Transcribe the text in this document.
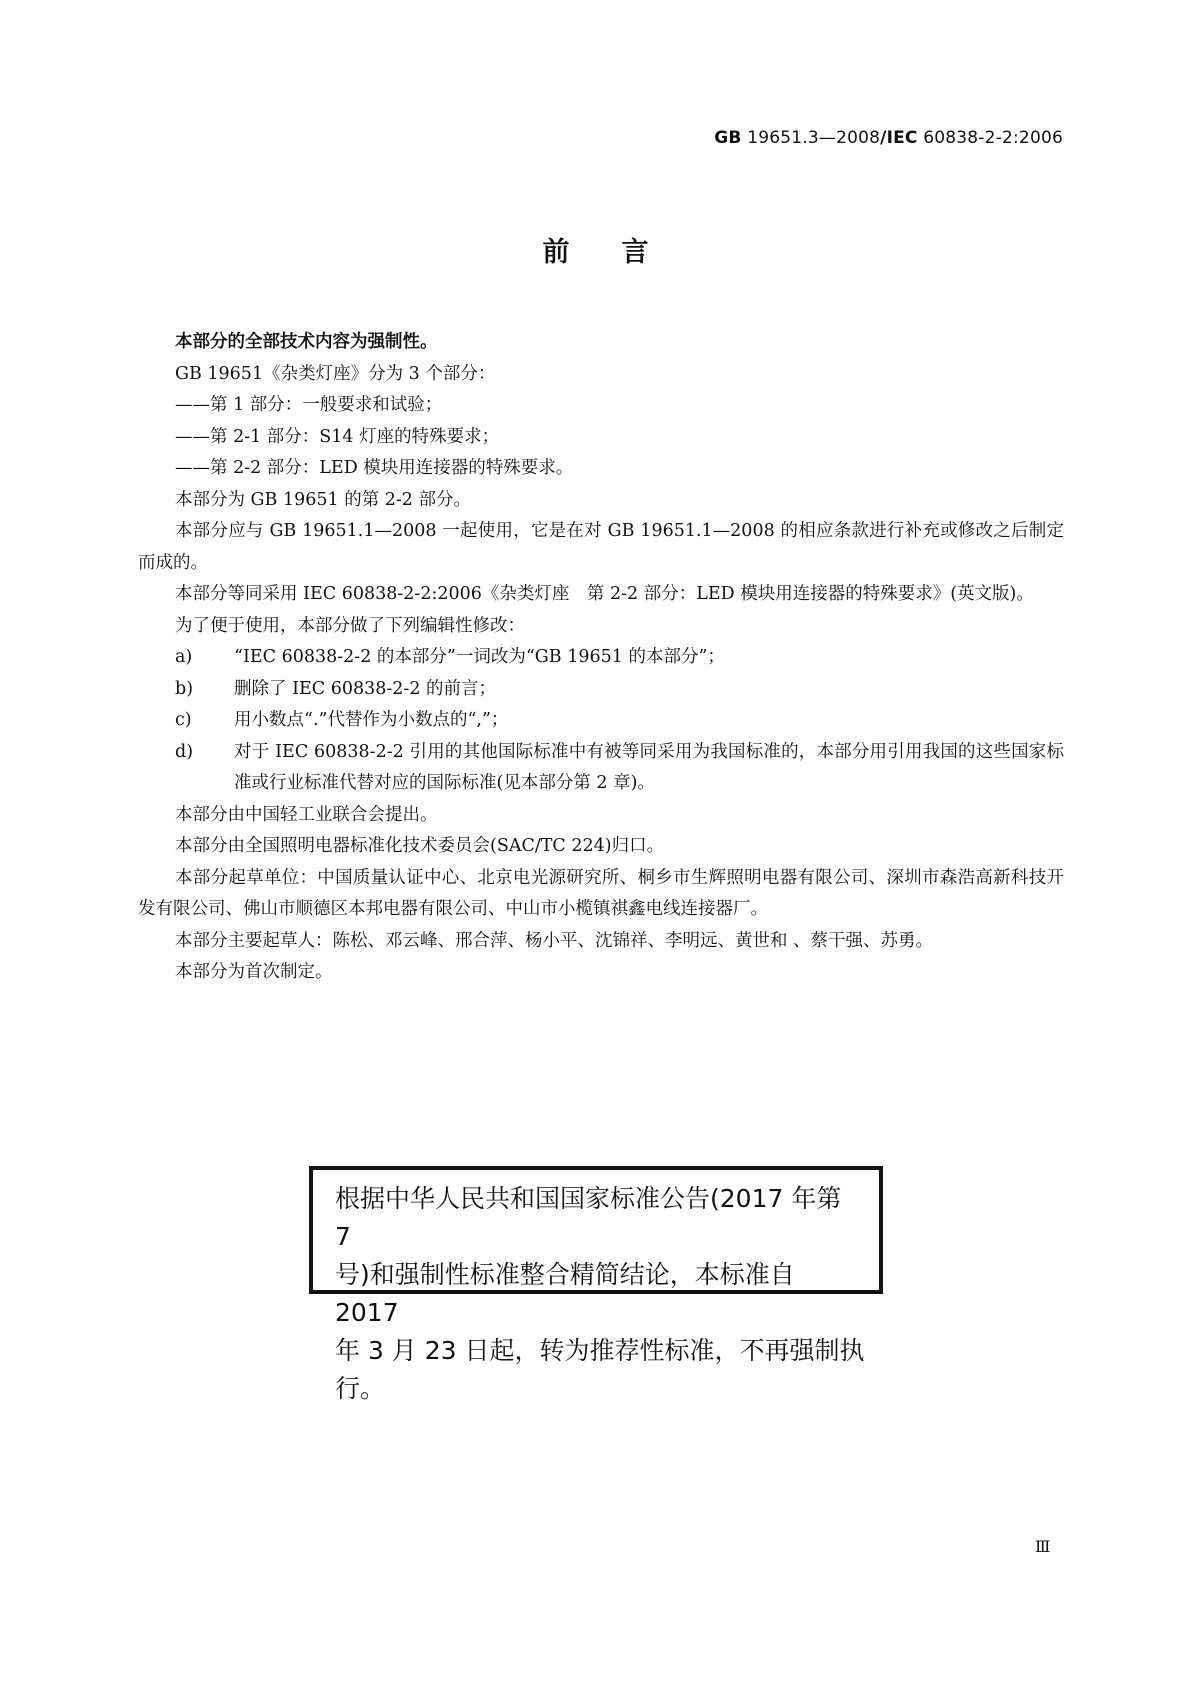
GB 19651.3—2008/IEC 60838-2-2:2006
前言

本部分的全部技术内容为强制性。

GB 19651《杂类灯座》分为 3 个部分：

——第 1 部分：一般要求和试验；

——第 2-1 部分：S14 灯座的特殊要求；

——第 2-2 部分：LED 模块用连接器的特殊要求。

本部分为 GB 19651 的第 2-2 部分。

本部分应与 GB 19651.1—2008 一起使用，它是在对 GB 19651.1—2008 的相应条款进行补充或修改之后制定而成的。

本部分等同采用 IEC 60838-2-2:2006《杂类灯座　第 2-2 部分：LED 模块用连接器的特殊要求》(英文版)。

为了便于使用，本部分做了下列编辑性修改：

a)	“IEC 60838-2-2 的本部分”一词改为“GB 19651 的本部分”；
b)	删除了 IEC 60838-2-2 的前言；
c)	用小数点“.”代替作为小数点的“,”；
d)	对于 IEC 60838-2-2 引用的其他国际标准中有被等同采用为我国标准的，本部分用引用我国的这些国家标准或行业标准代替对应的国际标准(见本部分第 2 章)。

本部分由中国轻工业联合会提出。

本部分由全国照明电器标准化技术委员会(SAC/TC 224)归口。

本部分起草单位：中国质量认证中心、北京电光源研究所、桐乡市生辉照明电器有限公司、深圳市森浩高新科技开发有限公司、佛山市顺德区本邦电器有限公司、中山市小榄镇祺鑫电线连接器厂。

本部分主要起草人：陈松、邓云峰、邢合萍、杨小平、沈锦祥、李明远、黄世和 、蔡干强、苏勇。

本部分为首次制定。

根据中华人民共和国国家标准公告(2017 年第 7
号)和强制性标准整合精简结论，本标准自 2017
年 3 月 23 日起，转为推荐性标准，不再强制执行。
Ⅲ
